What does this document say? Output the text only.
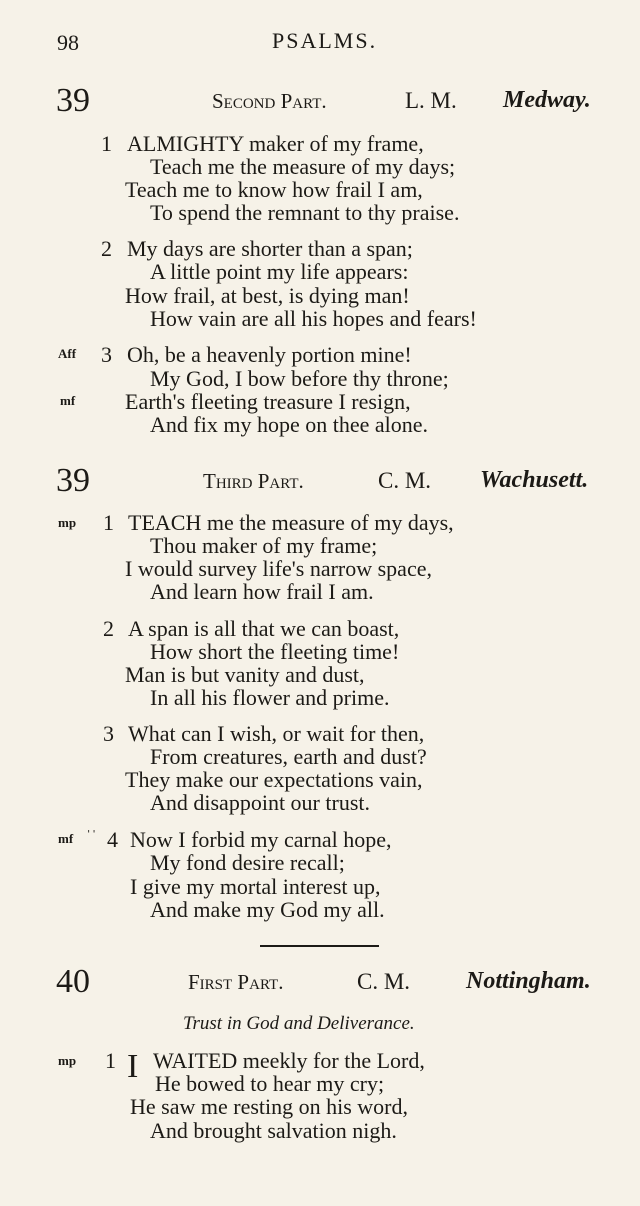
98	PSALMS.
39	Second Part.	L. M. Medway.
1 ALMIGHTY maker of my frame,
Teach me the measure of my days;
Teach me to know how frail I am,
To spend the remnant to thy praise.
2 My days are shorter than a span;
A little point my life appears:
How frail, at best, is dying man!
How vain are all his hopes and fears!
Aff 3 Oh, be a heavenly portion mine!
My God, I bow before thy throne;
mf Earth's fleeting treasure I resign,
And fix my hope on thee alone.
39	Third Part.	C. M. Wachusett.
mp 1 TEACH me the measure of my days,
Thou maker of my frame;
I would survey life's narrow space,
And learn how frail I am.
2 A span is all that we can boast,
How short the fleeting time!
Man is but vanity and dust,
In all his flower and prime.
3 What can I wish, or wait for then,
From creatures, earth and dust?
They make our expectations vain,
And disappoint our trust.
mf ˈˈ 4 Now I forbid my carnal hope,
My fond desire recall;
I give my mortal interest up,
And make my God my all.
40	First Part.	C. M. Nottingham.
Trust in God and Deliverance.
mp 1 I WAITED meekly for the Lord,
He bowed to hear my cry;
He saw me resting on his word,
And brought salvation nigh.
